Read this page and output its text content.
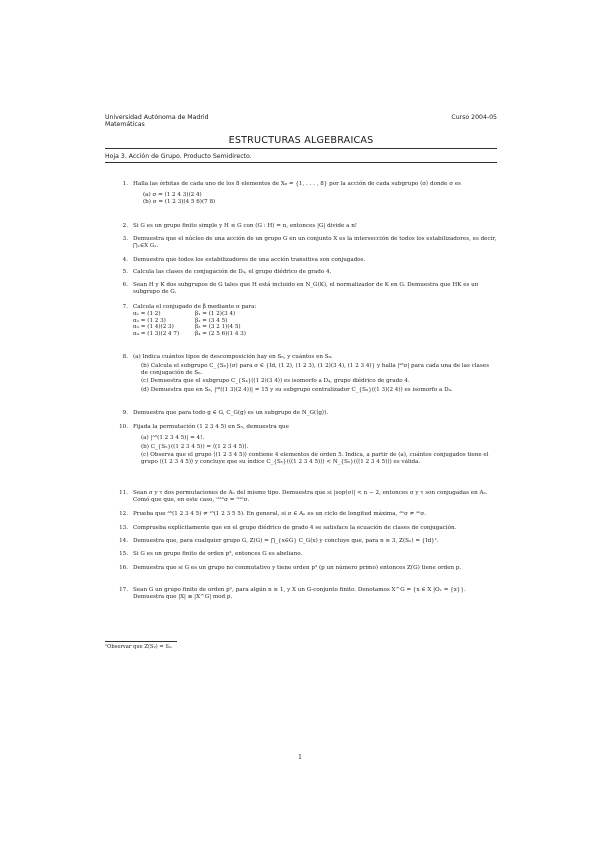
Universidad Autónoma de Madrid	Curso 2004-05
Matemáticas
ESTRUCTURAS ALGEBRAICAS
Hoja 3. Acción de Grupo. Producto Semidirecto.
1. Halla las órbitas de cada uno de los 8 elementos de X₈ = {1, . . . , 8} por la acción de cada subgrupo ⟨σ⟩ donde σ es
(a) σ = (1 2 4 3)(2 4)
(b) σ = (1 2 3)(4 5 6)(7 8)
2. Si G es un grupo finito simple y H ≤ G con (G : H) = n, entonces |G| divide a n!
3. Demuestra que el núcleo de una acción de un grupo G en un conjunto X es la intersección de todos los estabilizadores, es decir, ⋂ₓ∈X Gₓ.
4. Demuestra que todos los estabilizadores de una acción transitiva son conjugados.
5. Calcula las clases de conjugación de D₄, el grupo diédrico de grado 4.
6. Sean H y K dos subgrupos de G tales que H está incluido en N_G(K), el normalizador de K en G. Demuestra que HK es un subgrupo de G.
7. Calcula el conjugado de β mediante α para:
α₁ = (1 2)	β₁ = (1 2)(3 4)
α₂ = (1 2 3)	β₂ = (3 4 5)
α₃ = (1 4)(2 3)	β₃ = (3 2 1)(4 5)
α₄ = (1 3)(2 4 7)	β₄ = (2 5 6)(1 4 3)
8. (a) Indica cuántos tipos de descomposición hay en S₆, y cuántos en S₈.
(b) Calcula el subgrupo C_{S₆}(σ) para σ ∈ {Id, (1 2), (1 2 3), (1 2)(3 4), (1 2 3 4)} y halla |ˢ⁶σ| para cada una de las clases de conjugación de S₆.
(c) Demuestra que el subgrupo C_{S₄}((1 2)(3 4)) es isomorfo a D₄, grupo diédrico de grado 4.
(d) Demuestra que en S₈, |ˢ⁸((1 3)(2 4))| = 15 y su subgrupo centralizador C_{S₆}((1 3)(2 4)) es isomorfo a D₄.
9. Demuestra que para todo g ∈ G, C_G(g) es un subgrupo de N_G(⟨g⟩).
10. Fijada la permutación (1 2 3 4 5) en S₅, demuestra que
(a) |ᴬ⁵(1 2 3 4 5)| = 4!.
(b) C_{S₅}((1 2 3 4 5)) = ⟨(1 2 3 4 5)⟩.
(c) Observa que el grupo ⟨(1 2 3 4 5)⟩ contiene 4 elementos de orden 5. Indica, a partir de (a), cuántos conjugados tiene el grupo ⟨(1 2 3 4 5)⟩ y concluye que su índice C_{S₅}(⟨(1 2 3 4 5)⟩) < N_{S₅}(⟨(1 2 3 4 5)⟩) es válida.
11. Sean σ y τ dos permutaciones de Aₙ del mismo tipo. Demuestra que si |sop(σ)| < n − 2, entonces σ y τ son conjugadas en Aₙ. Comó que que, en este caso, ᶜˡᴬⁿσ = ᶜˡˢⁿσ.
12. Prueba que ᴬ⁵(1 2 3 4 5) ≠ ˢ⁵(1 2 3 5 5). En general, si σ ∈ Aₙ es un ciclo de longitud máxima, ᴬⁿσ ≠ ˢⁿσ.
13. Comprueba explícitamente que en el grupo diédrico de grado 4 se satisface la ecuación de clases de conjugación.
14. Demuestra que, para cualquier grupo G, Z(G) = ⋂_{x∈G} C_G(x) y concluye que, para n ≥ 3, Z(Sₙ) = {Id}¹.
15. Si G es un grupo finito de orden p², entonces G es abeliano.
16. Demuestra que si G es un grupo no conmutativo y tiene orden p³ (p un número primo) entonces Z(G) tiene orden p.
17. Sean G un grupo finito de orden pⁿ, para algún n ≥ 1, y X un G-conjunto finito. Denotamos X^G = {x ∈ X |Oₓ = {x}}. Demuestra que |X| ≡ |X^G| mod p.
¹Observar que Z(S₂) = S₂.
1
